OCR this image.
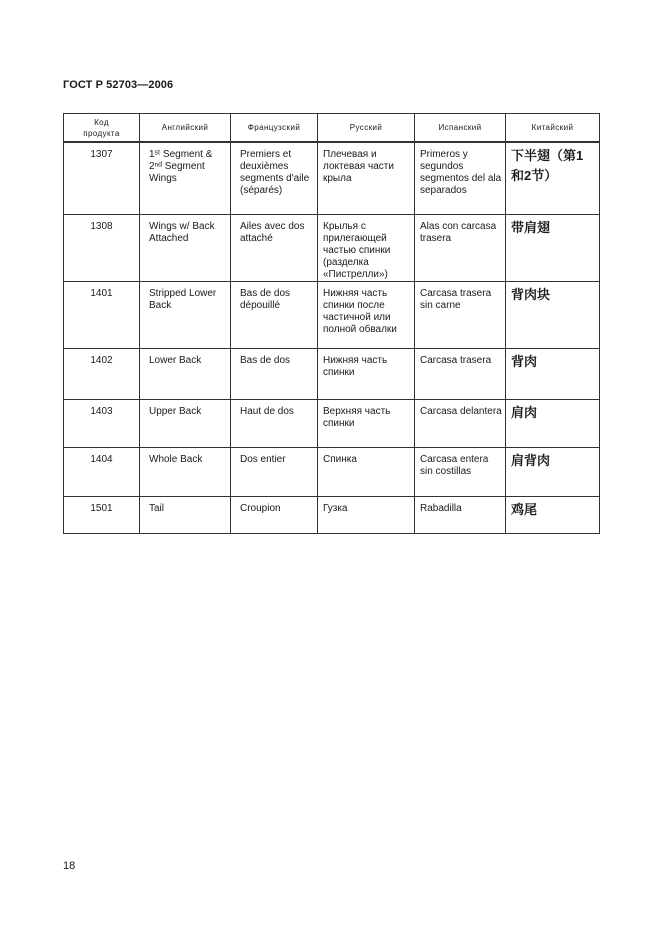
ГОСТ Р 52703—2006
Код продукта	Английский	Французский	Русский	Испанский	Китайский

1307	1ˢᵗ Segment & 2ⁿᵈ Segment Wings	Premiers et deuxièmes segments d'aile (séparés)	Плечевая и локтевая части крыла	Primeros y segundos segmentos del ala separados	下半翅（第1和2节）

1308	Wings w/ Back Attached	Ailes avec dos attaché	Крылья с прилегающей частью спинки (разделка «Пиcтрелли»)	Alas con carcasa trasera	带肩翅

1401	Stripped Lower Back	Bas de dos dépouillé	Нижняя часть спинки после частичной или полной обвалки	Carcasa trasera sin carne	背肉块

1402	Lower Back	Bas de dos	Нижняя часть спинки	Carcasa trasera	背肉

1403	Upper Back	Haut de dos	Верхняя часть спинки	Carcasa delantera	肩肉

1404	Whole Back	Dos entier	Спинка	Carcasa entera sin costillas	肩背肉

1501	Tail	Croupion	Гузка	Rabadilla	鸡尾
18
